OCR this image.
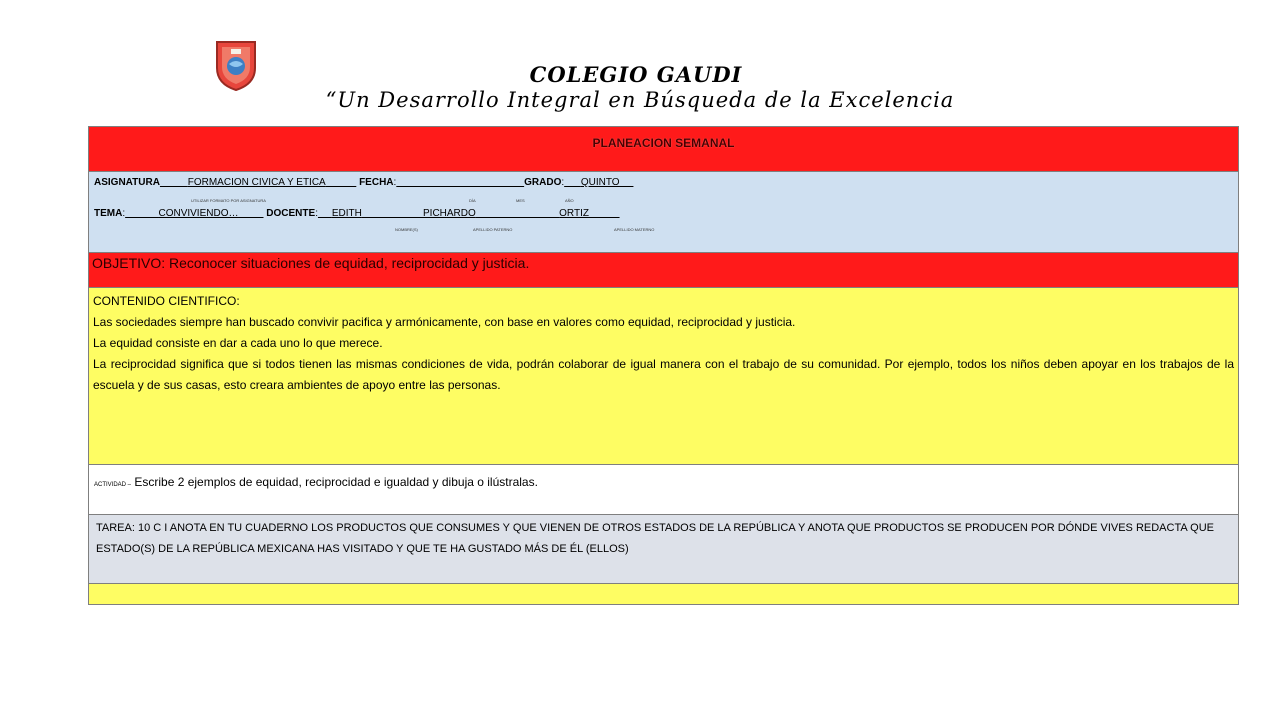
COLEGIO GAUDI
“Un Desarrollo Integral en Búsqueda de la Excelencia
PLANEACION SEMANAL

ASIGNATURA	FORMACION CIVICA Y ETICA	FECHA:	GRADO: QUINTO
UTILIZAR FORMATO POR ASIGNATURA	DÍA	MES	AÑO
TEMA:	CONVIVIENDO…	DOCENTE: EDITH	PICHARDO	ORTIZ
NOMBRE(S)	APELLIDO PATERNO	APELLIDO MATERNO

OBJETIVO: Reconocer situaciones de equidad, reciprocidad y justicia.

CONTENIDO CIENTIFICO:

Las sociedades siempre han buscado convivir pacifica y armónicamente, con base en valores como equidad, reciprocidad y justicia.

La equidad consiste en dar a cada uno lo que merece.

La reciprocidad significa que si todos tienen las mismas condiciones de vida, podrán colaborar de igual manera con el trabajo de su comunidad. Por ejemplo, todos los niños deben apoyar en los trabajos de la escuela y de sus casas, esto creara ambientes de apoyo entre las personas.

ACTIVIDAD – Escribe 2 ejemplos de equidad, reciprocidad e igualdad y dibuja o ilústralas.

TAREA: 10 C I ANOTA EN TU CUADERNO LOS PRODUCTOS QUE CONSUMES Y QUE VIENEN DE OTROS ESTADOS DE LA REPÚBLICA Y ANOTA QUE PRODUCTOS SE PRODUCEN POR DÓNDE VIVES REDACTA QUE ESTADO(S) DE LA REPÚBLICA MEXICANA HAS VISITADO Y QUE TE HA GUSTADO MÁS DE ÉL (ELLOS)
